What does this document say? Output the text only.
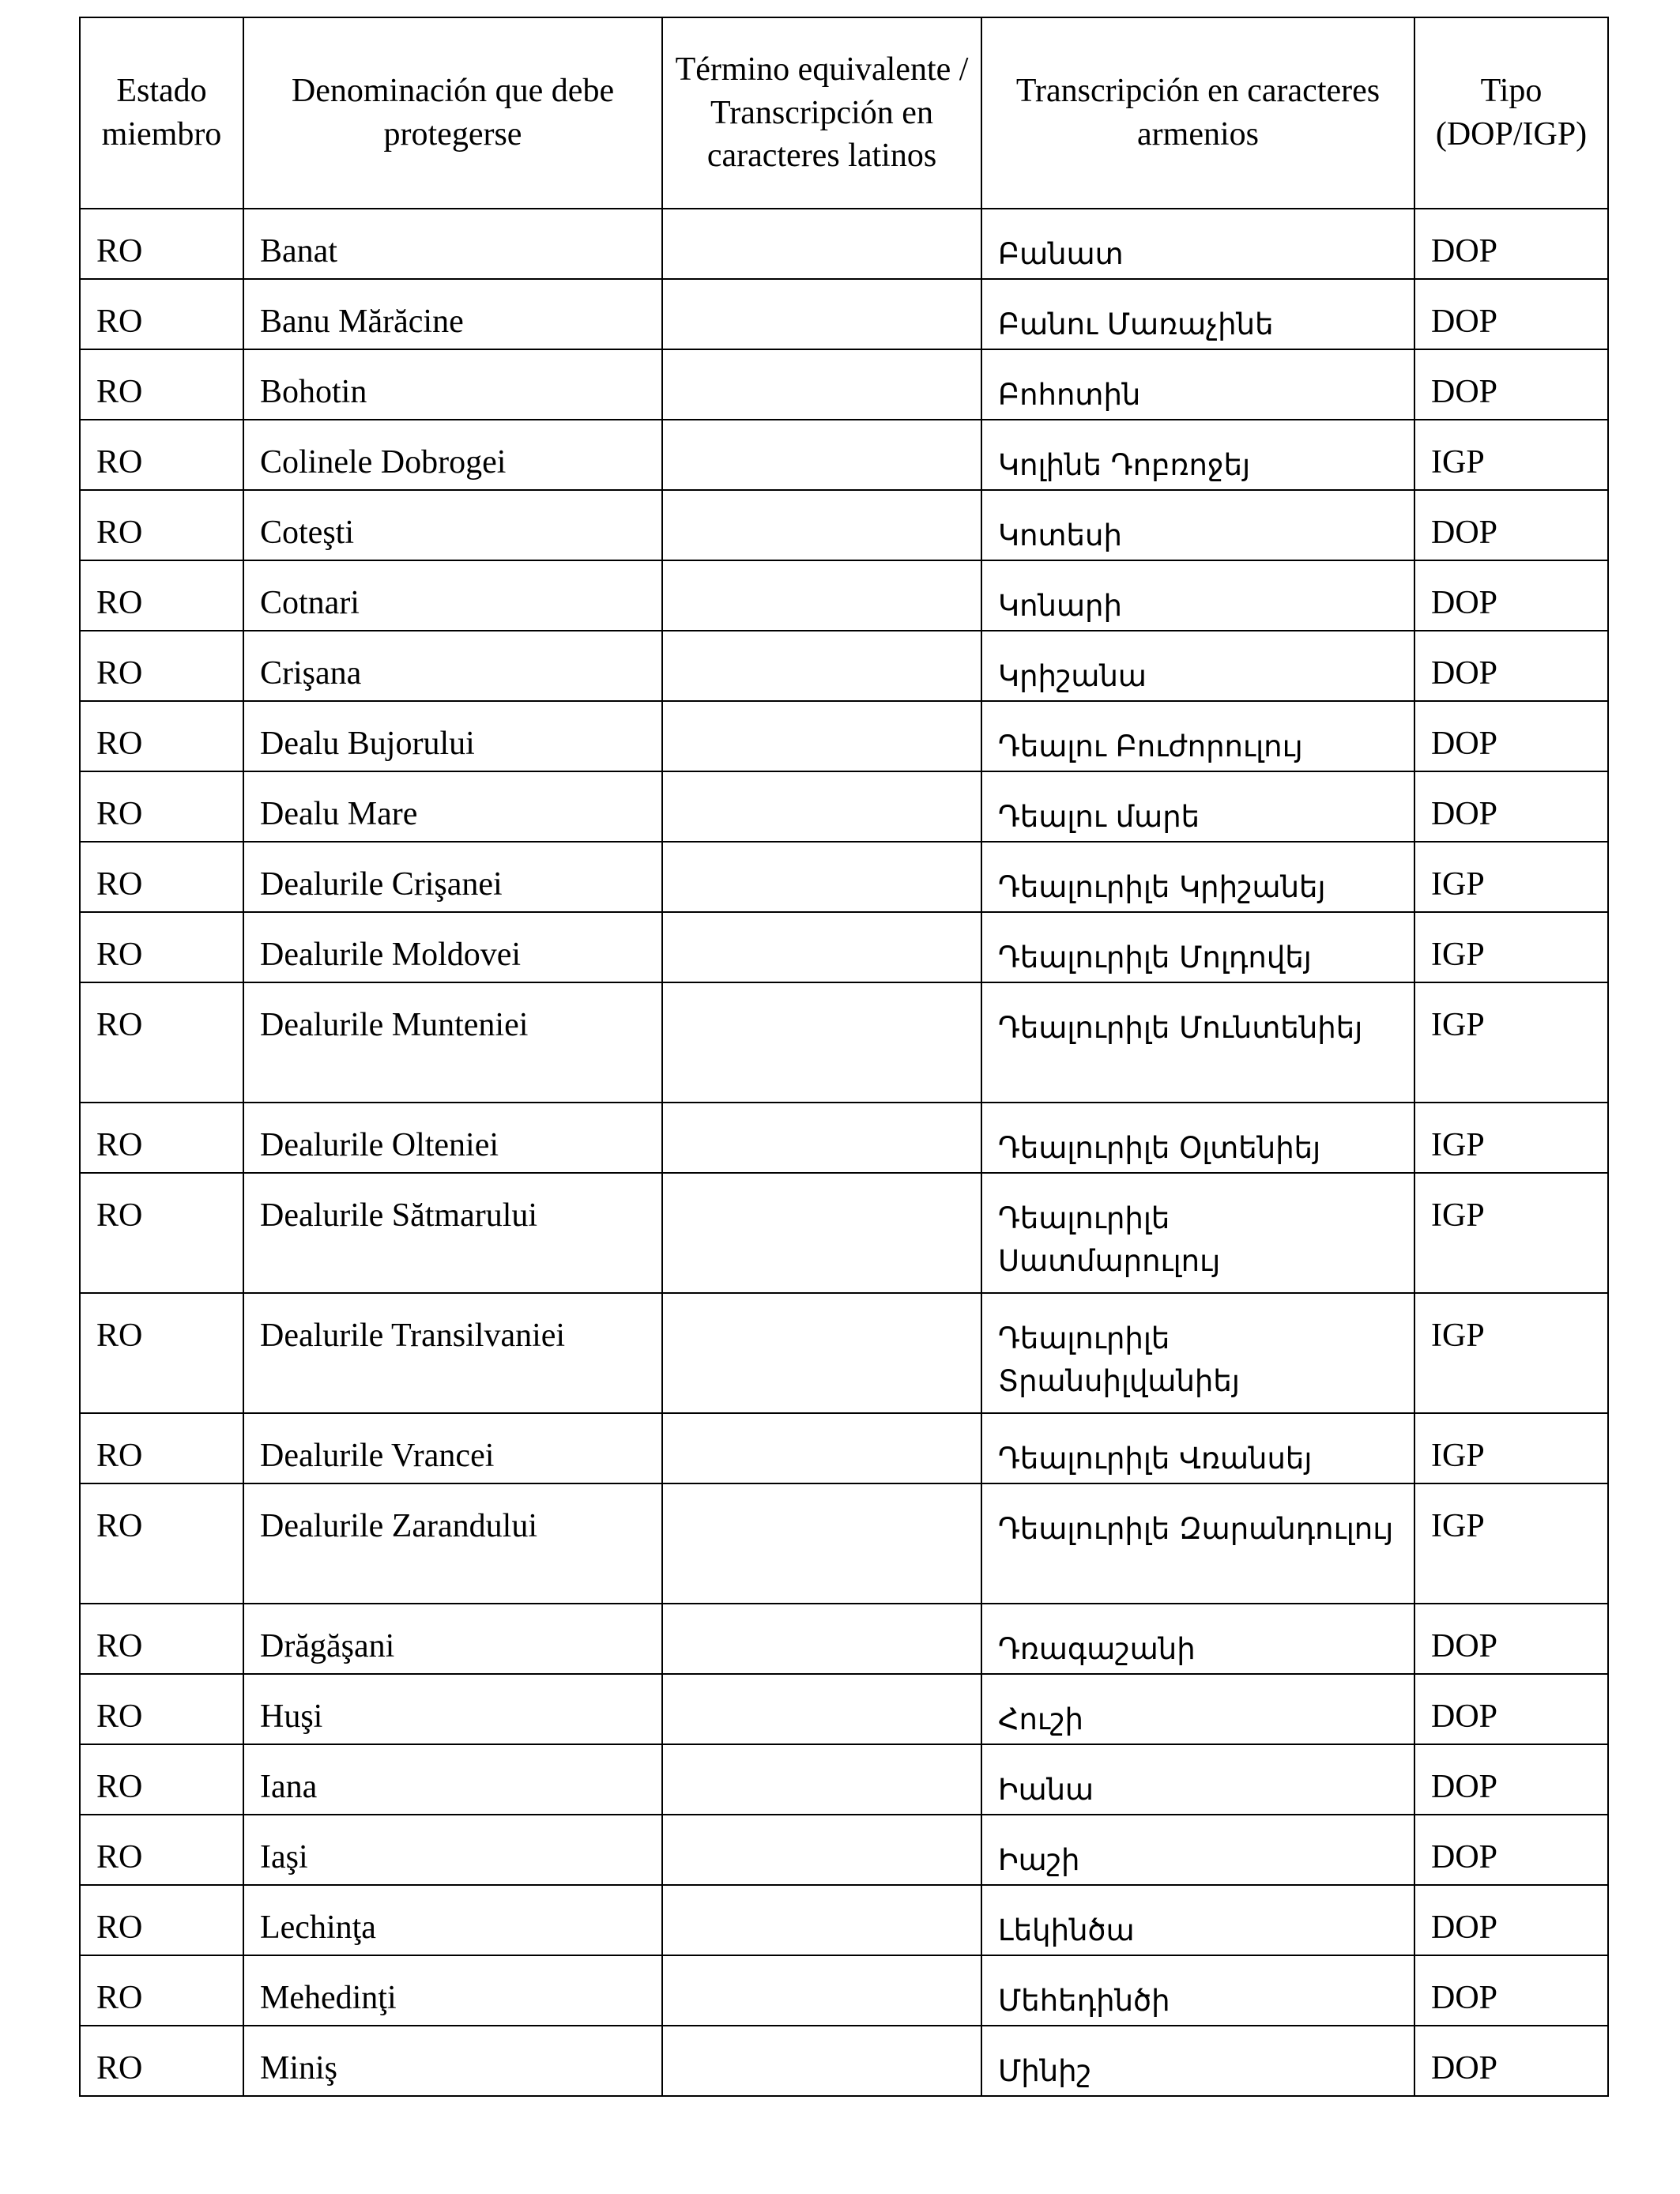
Estado miembro	Denominación que debe protegerse	Término equivalente / Transcripción en caracteres latinos	Transcripción en caracteres armenios	Tipo (DOP/IGP)
RO	Banat		Բանատ	DOP
RO	Banu Mărăcine		Բանու Մառաչինե	DOP
RO	Bohotin		Բոհոտին	DOP
RO	Colinele Dobrogei		Կոլինե Դոբռոջեյ	IGP
RO	Coteşti		Կոտեսի	DOP
RO	Cotnari		Կոնարի	DOP
RO	Crişana		Կրիշանա	DOP
RO	Dealu Bujorului		Դեալու Բուժորուլույ	DOP
RO	Dealu Mare		Դեալու մարե	DOP
RO	Dealurile Crişanei		Դեալուրիլե Կրիշանեյ	IGP
RO	Dealurile Moldovei		Դեալուրիլե Մոլդովեյ	IGP
RO	Dealurile Munteniei		Դեալուրիլե Մունտենիեյ	IGP
RO	Dealurile Olteniei		Դեալուրիլե Օլտենիեյ	IGP
RO	Dealurile Sătmarului		Դեալուրիլե Սատմարուլույ	IGP
RO	Dealurile Transilvaniei		Դեալուրիլե Տրանսիլվանիեյ	IGP
RO	Dealurile Vrancei		Դեալուրիլե Վռանսեյ	IGP
RO	Dealurile Zarandului		Դեալուրիլե Զարանդուլույ	IGP
RO	Drăgăşani		Դռագաշանի	DOP
RO	Huşi		Հուշի	DOP
RO	Iana		Իանա	DOP
RO	Iaşi		Իաշի	DOP
RO	Lechinţa		Լեկինծա	DOP
RO	Mehedinţi		Մեհեդինծի	DOP
RO	Miniş		Մինիշ	DOP
